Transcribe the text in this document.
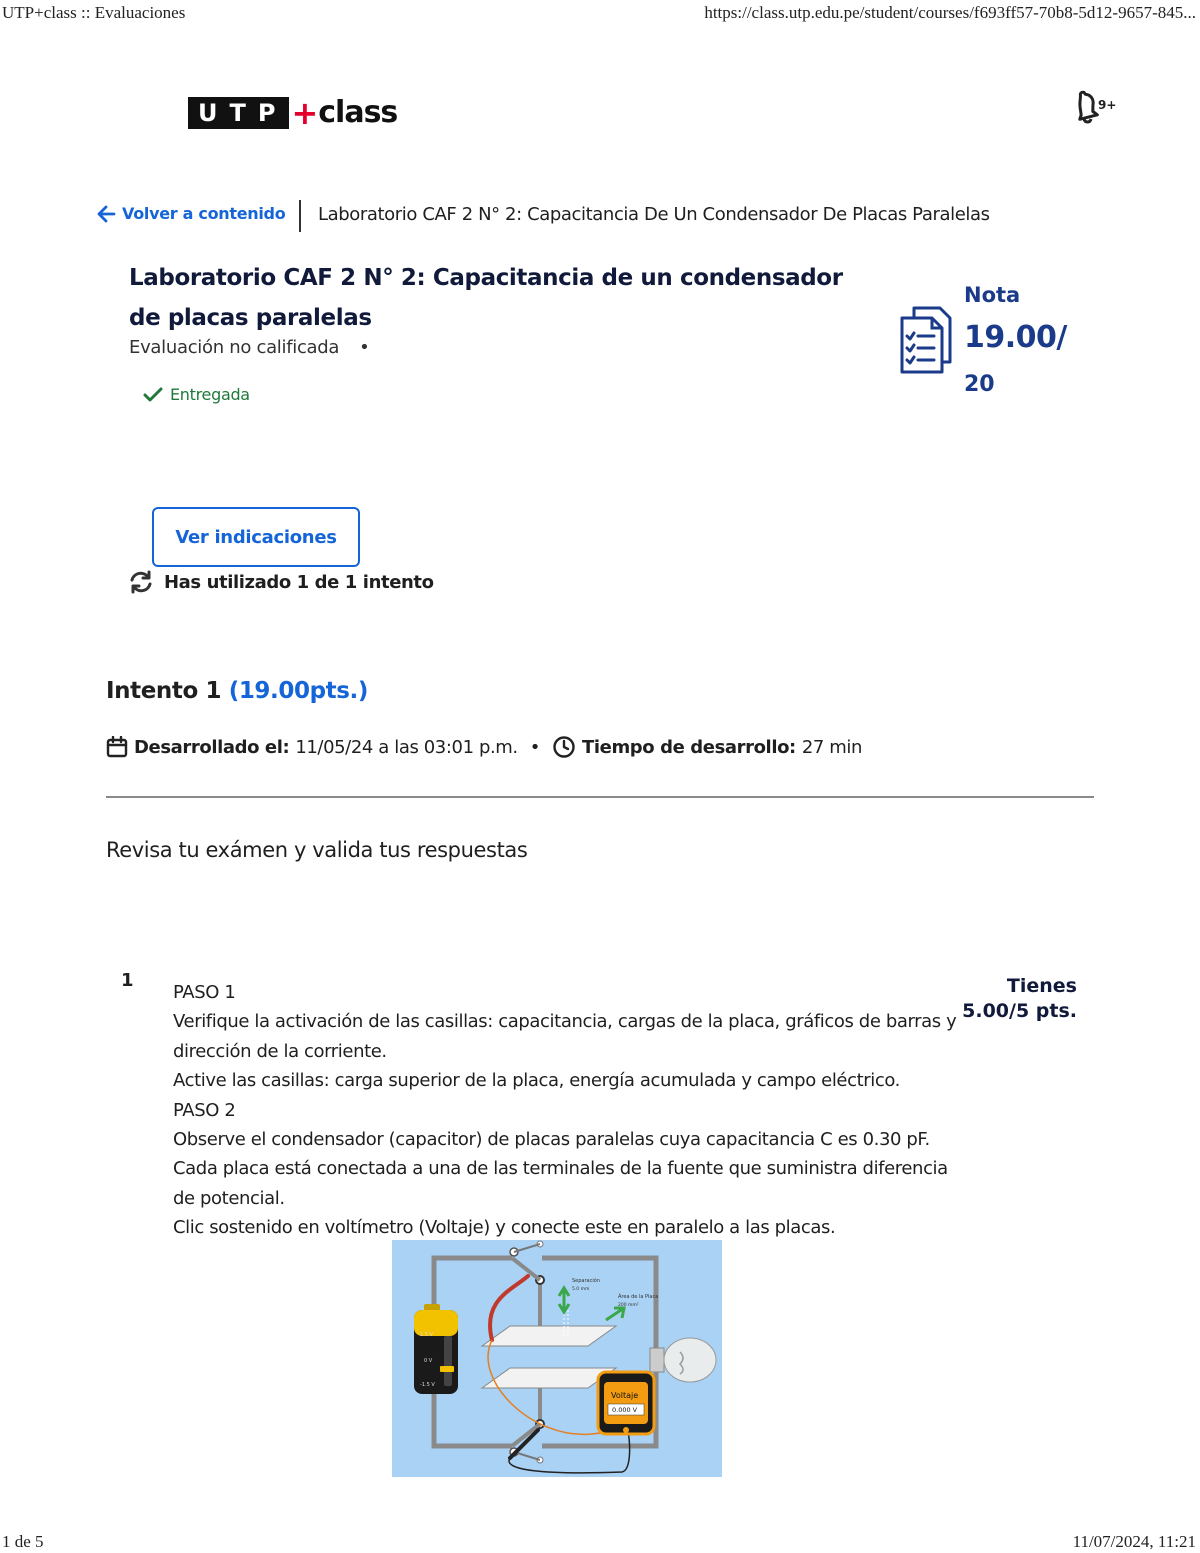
UTP+class :: Evaluaciones	https://class.utp.edu.pe/student/courses/f693ff57-70b8-5d12-9657-845...
UTP + class	9+
Volver a contenido Laboratorio CAF 2 N° 2: Capacitancia De Un Condensador De Placas Paralelas
Laboratorio CAF 2 N° 2: Capacitancia de un condensador de placas paralelas
Evaluación no calificada •
Entregada
Nota
19.00/
20
Ver indicaciones
Has utilizado 1 de 1 intento
Intento 1 (19.00pts.)
Desarrollado el: 11/05/24 a las 03:01 p.m. • Tiempo de desarrollo: 27 min
Revisa tu exámen y valida tus respuestas
1

PASO 1

Verifique la activación de las casillas: capacitancia, cargas de la placa, gráficos de barras y dirección de la corriente.

Active las casillas: carga superior de la placa, energía acumulada y campo eléctrico.

PASO 2

Observe el condensador (capacitor) de placas paralelas cuya capacitancia C es 0.30 pF.

Cada placa está conectada a una de las terminales de la fuente que suministra diferencia de potencial.

Clic sostenido en voltímetro (Voltaje) y conecte este en paralelo a las placas.

Tienes
5.00/5 pts.
Separación
5.0 mm
Área de la Placa
200 mm²
1.5 V
0 V
-1.5 V
Voltaje
0.000 V
1 de 5	11/07/2024, 11:21
